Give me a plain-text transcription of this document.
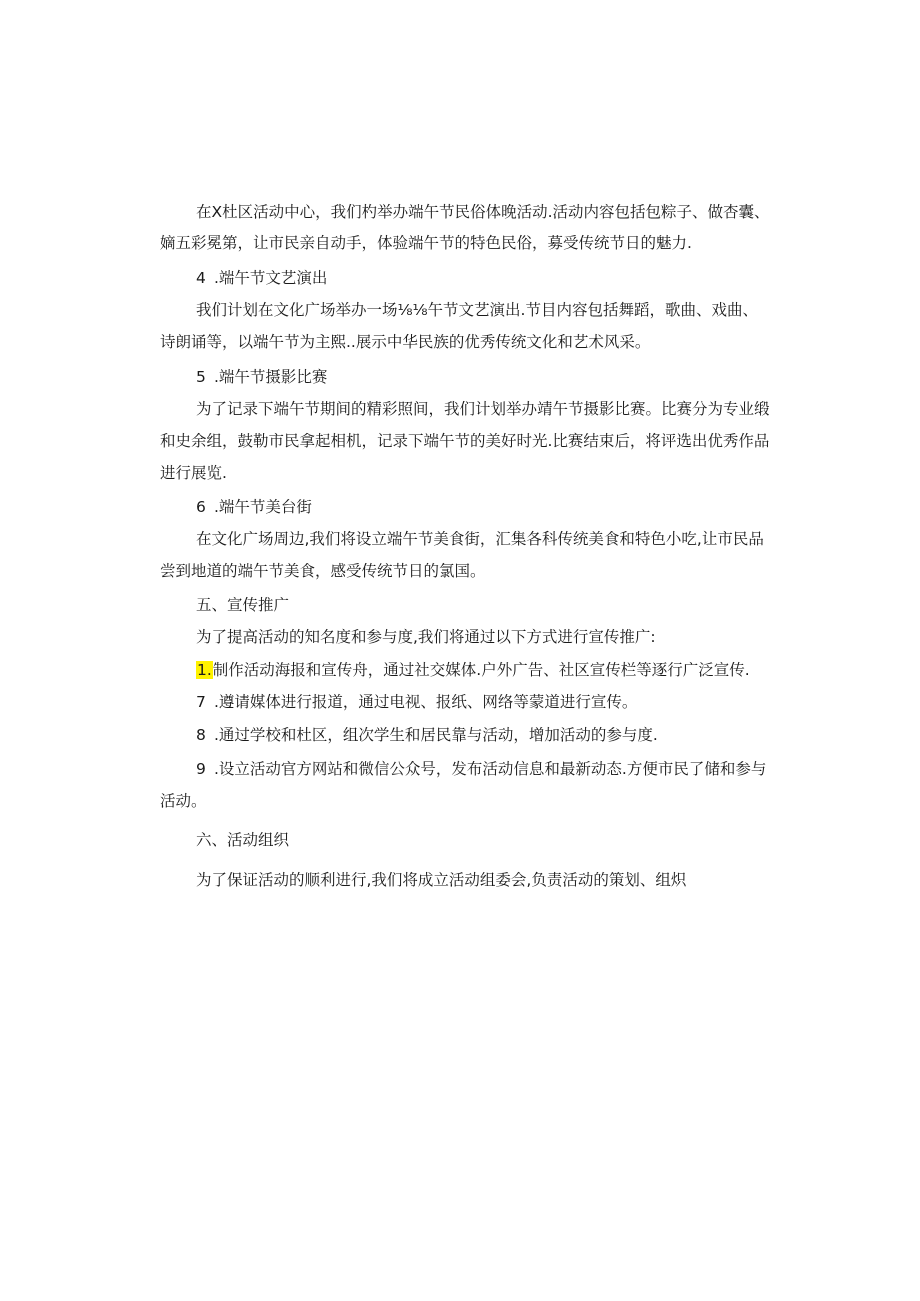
在X杜区活动中心，我们杓举办端午节民俗体晚活动.活动内容包括包粽子、做杏囊、
嫡五彩冕第，让市民亲自动手，体验端午节的特色民俗，募受传统节日的魅力.
4 .端午节文艺演出
我们计划在文化广场举办一场⅛⅛午节文艺演出.节目内容包括舞蹈，歌曲、戏曲、
诗朗诵等，以端午节为主熙..展示中华民族的优秀传统文化和艺术风采。
5 .端午节摄影比赛
为了记录下端午节期间的精彩照间，我们计划举办靖午节摄影比赛。比赛分为专业缎
和史余组，鼓勒市民拿起相机，记录下端午节的美好时光.比赛结束后，将评选出优秀作品
进行展览.
6 .端午节美台街
在文化广场周边,我们将设立端午节美食街，汇集各科传统美食和特色小吃,让市民品
尝到地道的端午节美食，感受传统节日的氯国。
五、宣传推广
为了提高活动的知名度和参与度,我们将通过以下方式进行宣传推广:
1.制作活动海报和宣传舟，通过社交媒体.户外广告、社区宣传栏等逐行广泛宣传.
7 .遵请媒体进行报道，通过电视、报纸、网络等蒙道进行宣传。
8 .通过学校和杜区，组次学生和居民靠与活动，增加活动的参与度.
9 .设立活动官方网站和微信公众号，发布活动信息和最新动态.方便市民了储和参与
活动。
六、活动组织
为了保证活动的顺利进行,我们将成立活动组委会,负责活动的策划、组炽
